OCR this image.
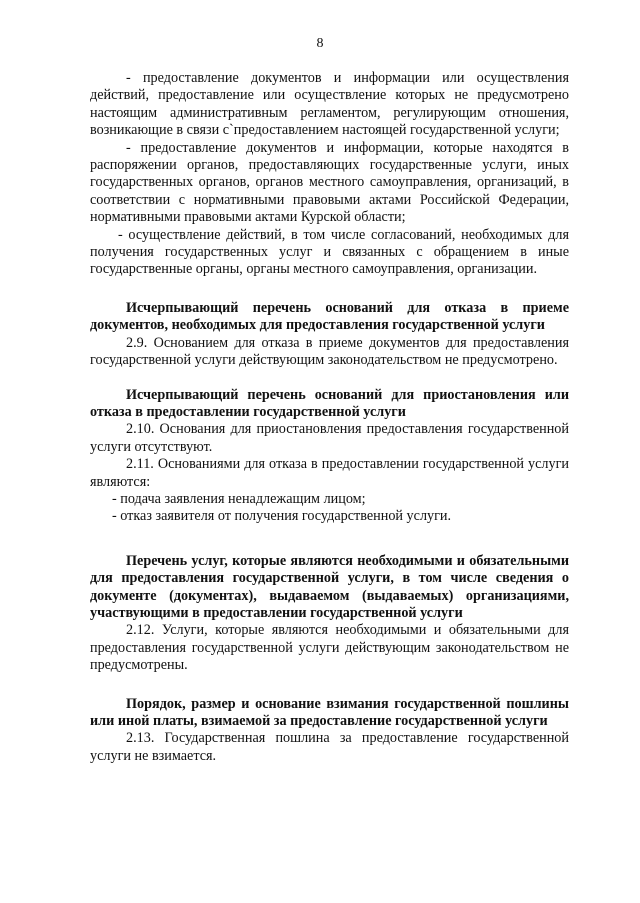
8

- предоставление документов и информации или осуществления действий, предоставление или осуществление которых не предусмотрено настоящим административным регламентом, регулирующим отношения, возникающие в связи с`предоставлением настоящей государственной услуги;

- предоставление документов и информации, которые находятся в распоряжении органов, предоставляющих государственные услуги, иных государственных органов, органов местного самоуправления, организаций, в соответствии с нормативными правовыми актами Российской Федерации, нормативными правовыми актами Курской области;

- осуществление действий, в том числе согласований, необходимых для получения государственных услуг и связанных с обращением в иные государственные органы, органы местного самоуправления, организации.

Исчерпывающий перечень оснований для отказа в приеме документов, необходимых для предоставления государственной услуги

2.9. Основанием для отказа в приеме документов для предоставления государственной услуги действующим законодательством не предусмотрено.

Исчерпывающий перечень оснований для приостановления или отказа в предоставлении государственной услуги

2.10. Основания для приостановления предоставления государственной услуги отсутствуют.

2.11. Основаниями для отказа в предоставлении государственной услуги являются:

- подача заявления ненадлежащим лицом;

- отказ заявителя от получения государственной услуги.

Перечень услуг, которые являются необходимыми и обязательными для предоставления государственной услуги, в том числе сведения о документе (документах), выдаваемом (выдаваемых) организациями, участвующими в предоставлении государственной услуги

2.12. Услуги, которые являются необходимыми и обязательными для предоставления государственной услуги действующим законодательством не предусмотрены.

Порядок, размер и основание взимания государственной пошлины или иной платы, взимаемой за предоставление государственной услуги

2.13. Государственная пошлина за предоставление государственной услуги не взимается.
